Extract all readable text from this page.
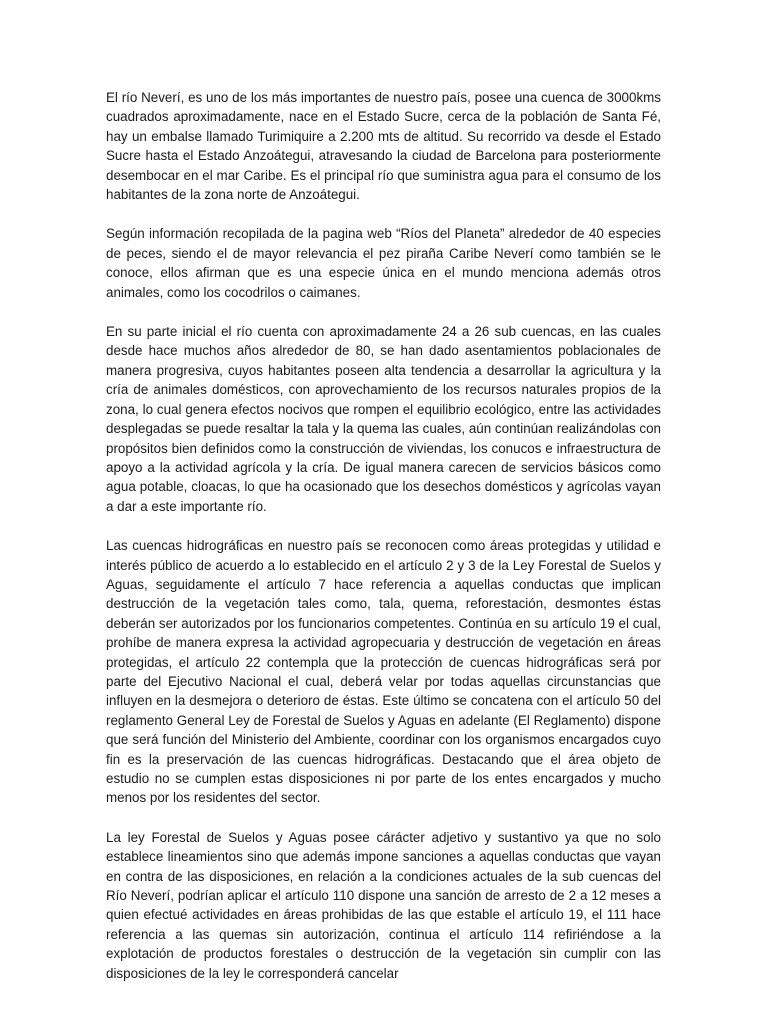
El río Neverí, es uno de los más importantes de nuestro país, posee una cuenca de 3000kms cuadrados aproximadamente, nace en el Estado Sucre, cerca de la población de Santa Fé, hay un embalse llamado Turimiquire a 2.200 mts de altitud. Su recorrido va desde el Estado Sucre hasta el Estado Anzoátegui, atravesando la ciudad de Barcelona para posteriormente desembocar en el mar Caribe. Es el principal río que suministra agua para el consumo de los habitantes de la zona norte de Anzoátegui.

Según información recopilada de la pagina web “Ríos del Planeta” alrededor de 40 especies de peces, siendo el de mayor relevancia el pez piraña Caribe Neverí como también se le conoce, ellos afirman que es una especie única en el mundo menciona además otros animales, como los cocodrilos o caimanes.

En su parte inicial el río cuenta con aproximadamente 24 a 26 sub cuencas, en las cuales desde hace muchos años alrededor de 80, se han dado asentamientos poblacionales de manera progresiva, cuyos habitantes poseen alta tendencia a desarrollar la agricultura y la cría de animales domésticos, con aprovechamiento de los recursos naturales propios de la zona, lo cual genera efectos nocivos que rompen el equilibrio ecológico, entre las actividades desplegadas se puede resaltar la tala y la quema las cuales, aún continúan realizándolas con propósitos bien definidos como la construcción de viviendas, los conucos e infraestructura de apoyo a la actividad agrícola y la cría. De igual manera carecen de servicios básicos como agua potable, cloacas, lo que ha ocasionado que los desechos domésticos y agrícolas vayan a dar a este importante río.

Las cuencas hidrográficas en nuestro país se reconocen como áreas protegidas y utilidad e interés público de acuerdo a lo establecido en el artículo 2 y 3 de la Ley Forestal de Suelos y Aguas, seguidamente el artículo 7 hace referencia a aquellas conductas que implican destrucción de la vegetación tales como, tala, quema, reforestación, desmontes éstas deberán ser autorizados por los funcionarios competentes. Continúa en su artículo 19 el cual, prohíbe de manera expresa la actividad agropecuaria y destrucción de vegetación en áreas protegidas, el artículo 22 contempla que la protección de cuencas hidrográficas será por parte del Ejecutivo Nacional el cual, deberá velar por todas aquellas circunstancias que influyen en la desmejora o deterioro de éstas. Este último se concatena con el artículo 50 del reglamento General Ley de Forestal de Suelos y Aguas en adelante (El Reglamento) dispone que será función del Ministerio del Ambiente, coordinar con los organismos encargados cuyo fin es la preservación de las cuencas hidrográficas. Destacando que el área objeto de estudio no se cumplen estas disposiciones ni por parte de los entes encargados y mucho menos por los residentes del sector.

La ley Forestal de Suelos y Aguas posee cárácter adjetivo y sustantivo ya que no solo establece lineamientos sino que además impone sanciones a aquellas conductas que vayan en contra de las disposiciones, en relación a la condiciones actuales de la sub cuencas del Río Neverí, podrían aplicar el artículo 110 dispone una sanción de arresto de 2 a 12 meses a quien efectué actividades en áreas prohibidas de las que estable el artículo 19, el 111 hace referencia a las quemas sin autorización, continua el artículo 114 refiriéndose a la explotación de productos forestales o destrucción de la vegetación sin cumplir con las disposiciones de la ley le corresponderá cancelar
